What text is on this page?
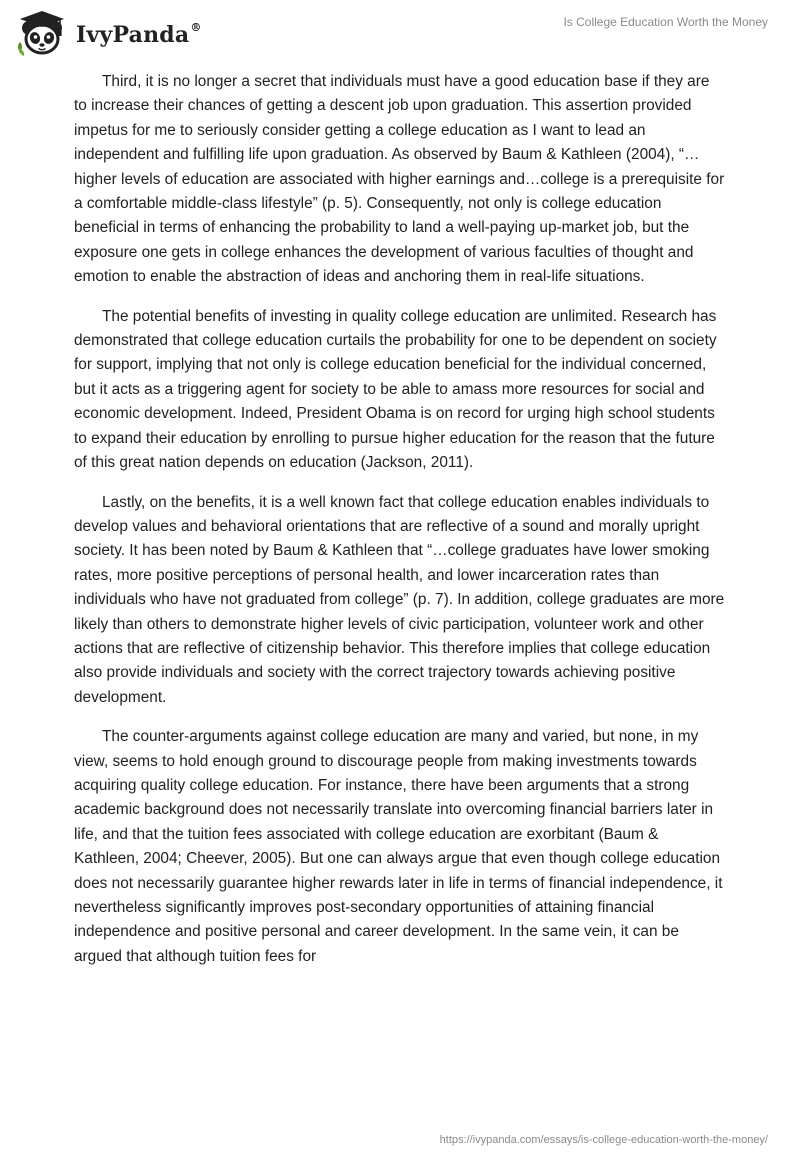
IvyPanda®	Is College Education Worth the Money

Third, it is no longer a secret that individuals must have a good education base if they are to increase their chances of getting a descent job upon graduation. This assertion provided impetus for me to seriously consider getting a college education as I want to lead an independent and fulfilling life upon graduation. As observed by Baum & Kathleen (2004), “…higher levels of education are associated with higher earnings and…college is a prerequisite for a comfortable middle-class lifestyle” (p. 5). Consequently, not only is college education beneficial in terms of enhancing the probability to land a well-paying up-market job, but the exposure one gets in college enhances the development of various faculties of thought and emotion to enable the abstraction of ideas and anchoring them in real-life situations.

The potential benefits of investing in quality college education are unlimited. Research has demonstrated that college education curtails the probability for one to be dependent on society for support, implying that not only is college education beneficial for the individual concerned, but it acts as a triggering agent for society to be able to amass more resources for social and economic development. Indeed, President Obama is on record for urging high school students to expand their education by enrolling to pursue higher education for the reason that the future of this great nation depends on education (Jackson, 2011).

Lastly, on the benefits, it is a well known fact that college education enables individuals to develop values and behavioral orientations that are reflective of a sound and morally upright society. It has been noted by Baum & Kathleen that “…college graduates have lower smoking rates, more positive perceptions of personal health, and lower incarceration rates than individuals who have not graduated from college” (p. 7). In addition, college graduates are more likely than others to demonstrate higher levels of civic participation, volunteer work and other actions that are reflective of citizenship behavior. This therefore implies that college education also provide individuals and society with the correct trajectory towards achieving positive development.

The counter-arguments against college education are many and varied, but none, in my view, seems to hold enough ground to discourage people from making investments towards acquiring quality college education. For instance, there have been arguments that a strong academic background does not necessarily translate into overcoming financial barriers later in life, and that the tuition fees associated with college education are exorbitant (Baum & Kathleen, 2004; Cheever, 2005). But one can always argue that even though college education does not necessarily guarantee higher rewards later in life in terms of financial independence, it nevertheless significantly improves post-secondary opportunities of attaining financial independence and positive personal and career development. In the same vein, it can be argued that although tuition fees for

https://ivypanda.com/essays/is-college-education-worth-the-money/
